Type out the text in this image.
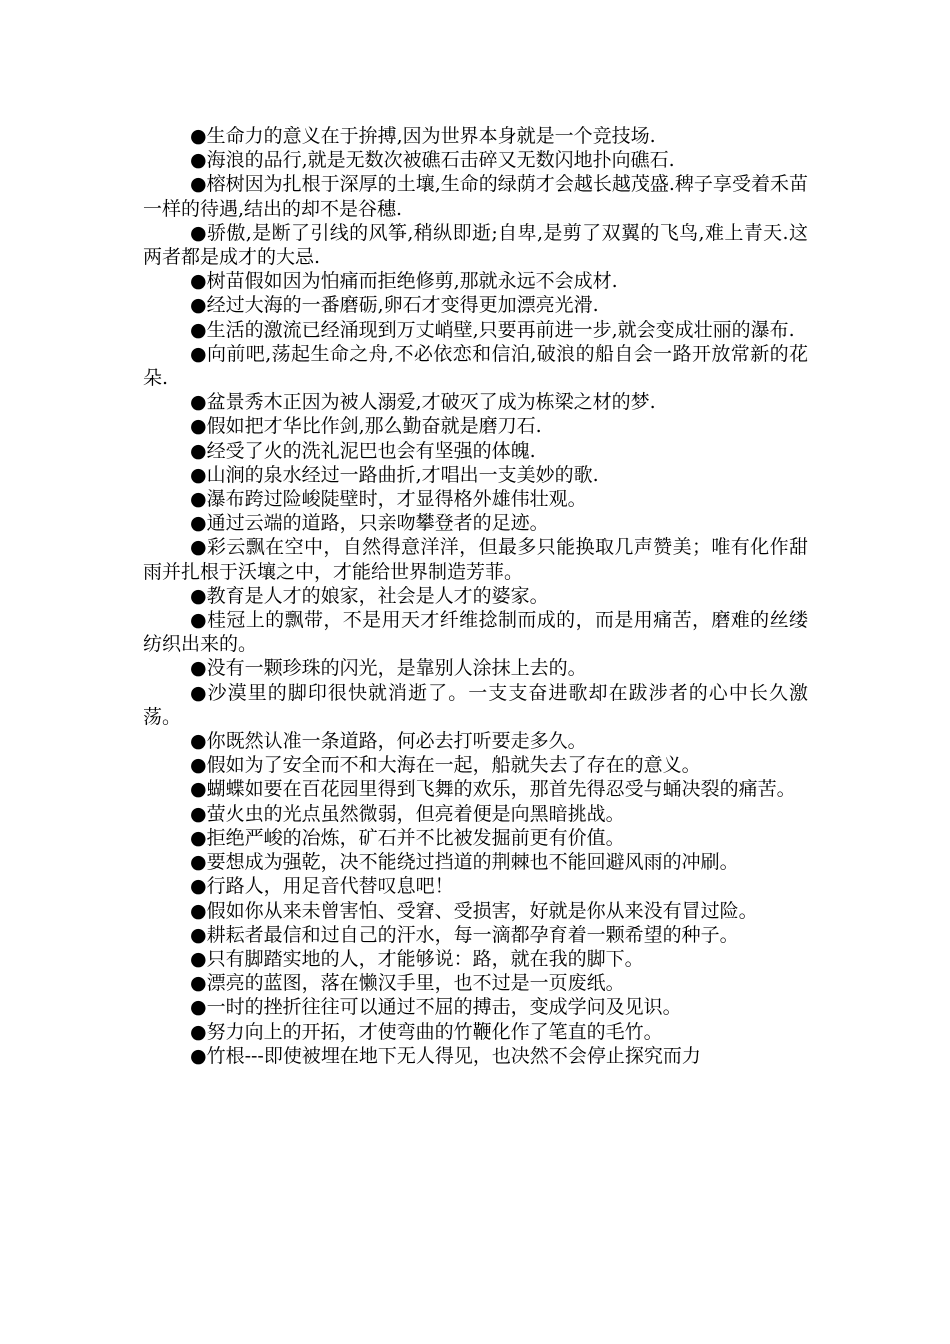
●生命力的意义在于拚搏,因为世界本身就是一个竞技场.

●海浪的品行,就是无数次被礁石击碎又无数闪地扑向礁石.

●榕树因为扎根于深厚的土壤,生命的绿荫才会越长越茂盛.稗子享受着禾苗一样的待遇,结出的却不是谷穗.

●骄傲,是断了引线的风筝,稍纵即逝;自卑,是剪了双翼的飞鸟,难上青天.这两者都是成才的大忌.

●树苗假如因为怕痛而拒绝修剪,那就永远不会成材.

●经过大海的一番磨砺,卵石才变得更加漂亮光滑.

●生活的激流已经涌现到万丈峭壁,只要再前进一步,就会变成壮丽的瀑布.

●向前吧,荡起生命之舟,不必依恋和信泊,破浪的船自会一路开放常新的花朵.

●盆景秀木正因为被人溺爱,才破灭了成为栋梁之材的梦.

●假如把才华比作剑,那么勤奋就是磨刀石.

●经受了火的洗礼泥巴也会有坚强的体魄.

●山涧的泉水经过一路曲折,才唱出一支美妙的歌.

●瀑布跨过险峻陡壁时，才显得格外雄伟壮观。

●通过云端的道路，只亲吻攀登者的足迹。

●彩云飘在空中，自然得意洋洋，但最多只能换取几声赞美；唯有化作甜雨并扎根于沃壤之中，才能给世界制造芳菲。

●教育是人才的娘家，社会是人才的婆家。

●桂冠上的飘带，不是用天才纤维捻制而成的，而是用痛苦，磨难的丝缕纺织出来的。

●没有一颗珍珠的闪光，是靠别人涂抹上去的。

●沙漠里的脚印很快就消逝了。一支支奋进歌却在跋涉者的心中长久激荡。

●你既然认准一条道路，何必去打听要走多久。

●假如为了安全而不和大海在一起，船就失去了存在的意义。

●蝴蝶如要在百花园里得到飞舞的欢乐，那首先得忍受与蛹决裂的痛苦。

●萤火虫的光点虽然微弱，但亮着便是向黑暗挑战。

●拒绝严峻的冶炼，矿石并不比被发掘前更有价值。

●要想成为强乾，决不能绕过挡道的荆棘也不能回避风雨的冲刷。

●行路人，用足音代替叹息吧！

●假如你从来未曾害怕、受窘、受损害，好就是你从来没有冒过险。

●耕耘者最信和过自己的汗水，每一滴都孕育着一颗希望的种子。

●只有脚踏实地的人，才能够说：路，就在我的脚下。

●漂亮的蓝图，落在懒汉手里，也不过是一页废纸。

●一时的挫折往往可以通过不屈的搏击，变成学问及见识。

●努力向上的开拓，才使弯曲的竹鞭化作了笔直的毛竹。

●竹根---即使被埋在地下无人得见，也决然不会停止探究而力
